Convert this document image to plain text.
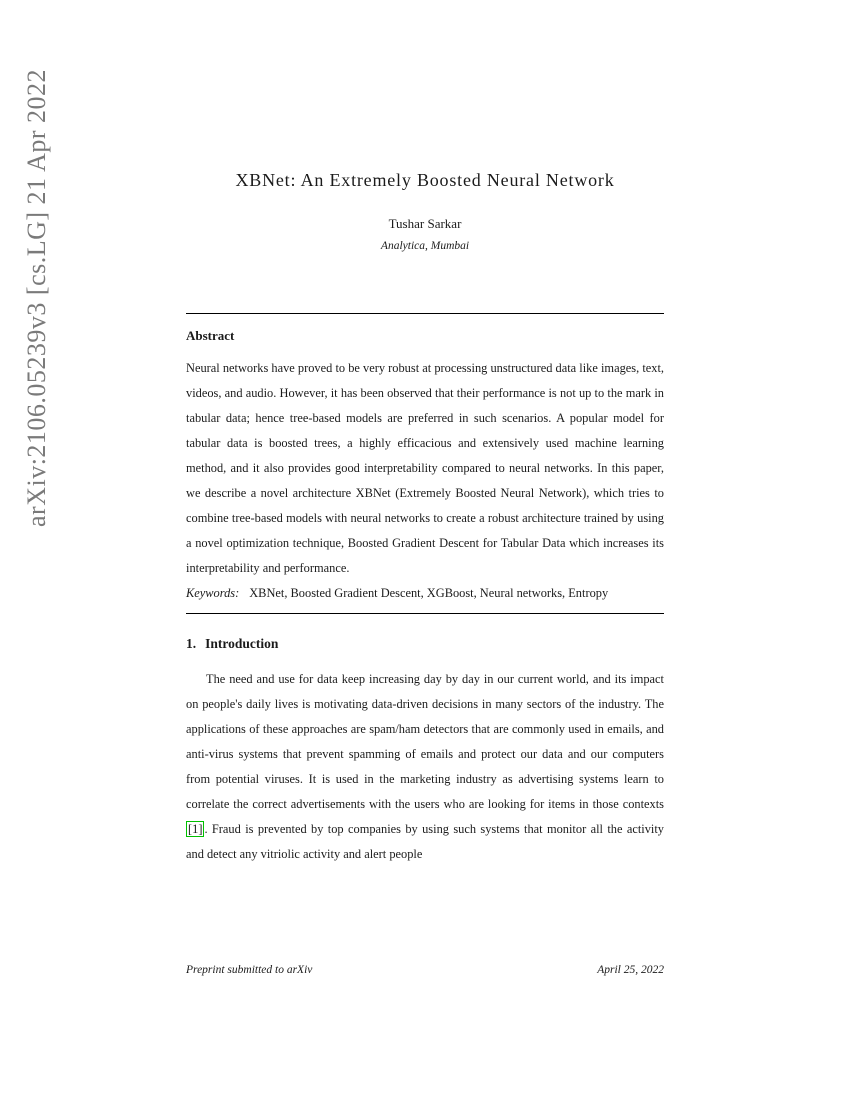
arXiv:2106.05239v3 [cs.LG] 21 Apr 2022	XBNet: An Extremely Boosted Neural Network
Tushar Sarkar
Analytica, Mumbai
Abstract

Neural networks have proved to be very robust at processing unstructured data like images, text, videos, and audio. However, it has been observed that their performance is not up to the mark in tabular data; hence tree-based models are preferred in such scenarios. A popular model for tabular data is boosted trees, a highly efficacious and extensively used machine learning method, and it also provides good interpretability compared to neural networks. In this paper, we describe a novel architecture XBNet (Extremely Boosted Neural Network), which tries to combine tree-based models with neural networks to create a robust architecture trained by using a novel optimization technique, Boosted Gradient Descent for Tabular Data which increases its interpretability and performance.

Keywords: XBNet, Boosted Gradient Descent, XGBoost, Neural networks, Entropy

1. Introduction

The need and use for data keep increasing day by day in our current world, and its impact on people's daily lives is motivating data-driven decisions in many sectors of the industry. The applications of these approaches are spam/ham detectors that are commonly used in emails, and anti-virus systems that prevent spamming of emails and protect our data and our computers from potential viruses. It is used in the marketing industry as advertising systems learn to correlate the correct advertisements with the users who are looking for items in those contexts [1] . Fraud is prevented by top companies by using such systems that monitor all the activity and detect any vitriolic activity and alert people

Preprint submitted to arXiv	April 25, 2022
